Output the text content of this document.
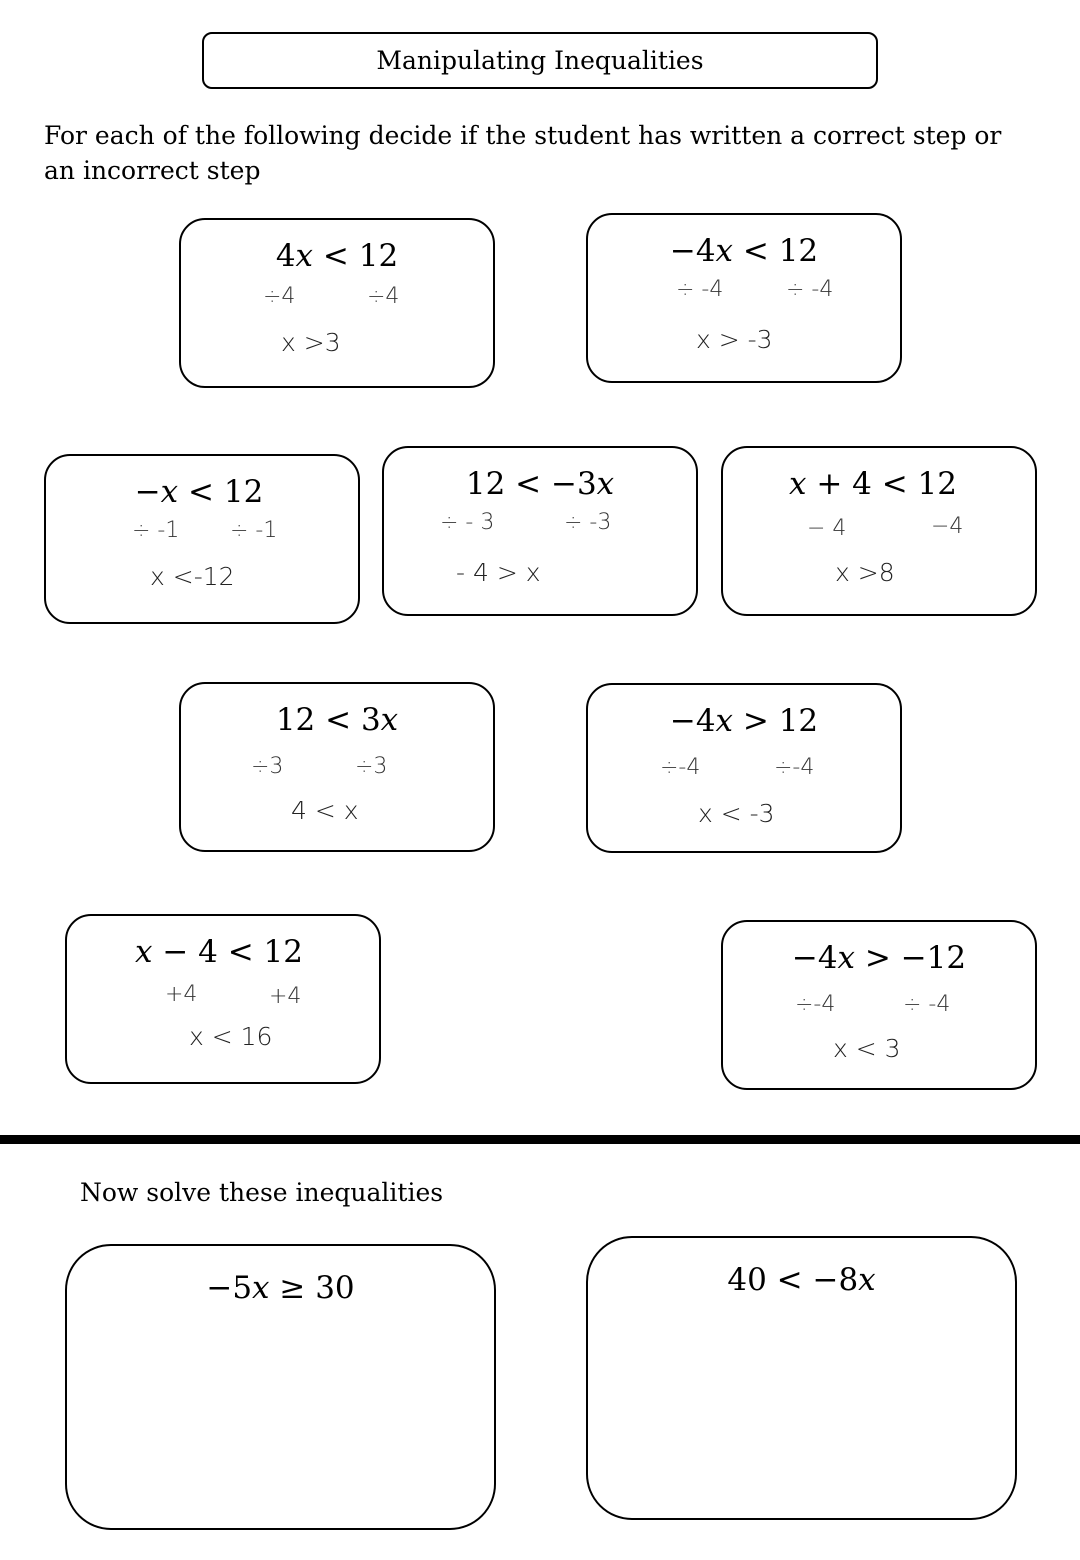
Manipulating Inequalities

For each of the following decide if the student has written a correct step or an incorrect step

4𝑥 < 12

÷4	÷4

x >3

−4𝑥 < 12

÷ -4	÷ -4

x > -3

−𝑥 < 12

÷ -1 ÷ -1

x <-12

12 < −3𝑥

÷ - 3	÷ -3

- 4 > x

𝑥 + 4 < 12

− 4	−4

x >8

12 < 3𝑥

÷3	÷3

4 < x

−4𝑥 > 12

÷-4	÷-4

x < -3

𝑥 − 4 < 12

+4	+4

x < 16

−4𝑥 > −12

÷-4	÷ -4

x < 3

Now solve these inequalities

−5𝑥 ≥ 30	40 < −8𝑥
